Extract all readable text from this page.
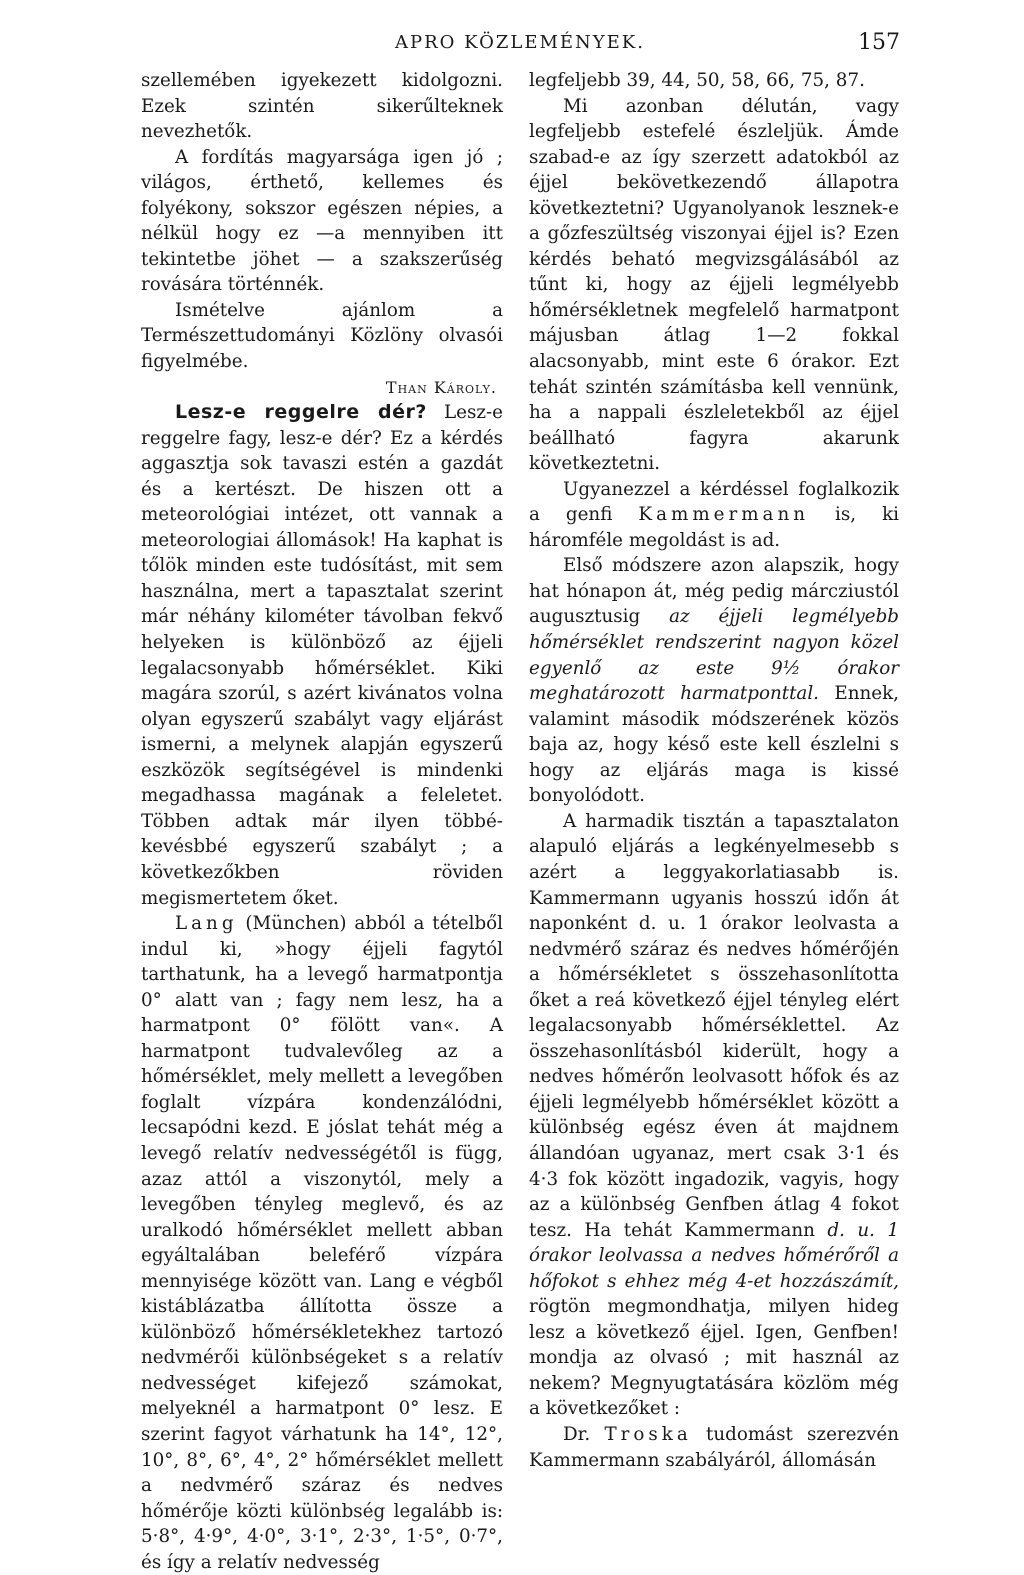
APRO KÖZLEMÉNYEK.	157

szellemében igyekezett kidolgozni. Ezek szintén sikerűlteknek nevezhetők.

A fordítás magyarsága igen jó ; világos, érthető, kellemes és folyékony, sokszor egészen népies, a nélkül hogy ez —a mennyiben itt tekintetbe jöhet — a szakszerűség rovására történnék.

Ismételve ajánlom a Természettudományi Közlöny olvasói figyelmébe.

Than Károly.

Lesz-e reggelre dér? Lesz-e reggelre fagy, lesz-e dér? Ez a kérdés aggasztja sok tavaszi estén a gazdát és a kertészt. De hiszen ott a meteorológiai intézet, ott vannak a meteorologiai állomások! Ha kaphat is tőlök minden este tudósítást, mit sem használna, mert a tapasztalat szerint már néhány kilométer távolban fekvő helyeken is különböző az éjjeli legalacsonyabb hőmérséklet. Kiki magára szorúl, s azért kivánatos volna olyan egyszerű szabályt vagy eljárást ismerni, a melynek alapján egyszerű eszközök segítségével is mindenki megadhassa magának a feleletet. Többen adtak már ilyen többé-kevésbbé egyszerű szabályt ; a következőkben röviden megismertetem őket.

Lang (München) abból a tételből indul ki, »hogy éjjeli fagytól tarthatunk, ha a levegő harmatpontja 0° alatt van ; fagy nem lesz, ha a harmatpont 0° fölött van«. A harmatpont tudvalevőleg az a hőmérséklet, mely mellett a levegőben foglalt vízpára kondenzálódni, lecsapódni kezd. E jóslat tehát még a levegő relatív nedvességétől is függ, azaz attól a viszonytól, mely a levegőben tényleg meglevő, és az uralkodó hőmérséklet mellett abban egyáltalában beleférő vízpára mennyisége között van. Lang e végből kistáblázatba állította össze a különböző hőmérsékletekhez tartozó nedvmérői különbségeket s a relatív nedvességet kifejező számokat, melyeknél a harmatpont 0° lesz. E szerint fagyot várhatunk ha 14°, 12°, 10°, 8°, 6°, 4°, 2° hőmérséklet mellett a nedvmérő száraz és nedves hőmérője közti különbség legalább is: 5·8°, 4·9°, 4·0°, 3·1°, 2·3°, 1·5°, 0·7°, és így a relatív nedvesség

legfeljebb 39, 44, 50, 58, 66, 75, 87.

Mi azonban délután, vagy legfeljebb estefelé észleljük. Ámde szabad-e az így szerzett adatokból az éjjel bekövetkezendő állapotra következtetni? Ugyanolyanok lesznek-e a gőzfeszültség viszonyai éjjel is? Ezen kérdés beható megvizsgálásából az tűnt ki, hogy az éjjeli legmélyebb hőmérsékletnek megfelelő harmatpont májusban átlag 1—2 fokkal alacsonyabb, mint este 6 órakor. Ezt tehát szintén számításba kell vennünk, ha a nappali észleletekből az éjjel beállható fagyra akarunk következtetni.

Ugyanezzel a kérdéssel foglalkozik a genfi Kammermann is, ki háromféle megoldást is ad.

Első módszere azon alapszik, hogy hat hónapon át, még pedig márcziustól augusztusig az éjjeli legmélyebb hőmérséklet rendszerint nagyon közel egyenlő az este 9½ órakor meghatározott harmatponttal. Ennek, valamint második módszerének közös baja az, hogy késő este kell észlelni s hogy az eljárás maga is kissé bonyolódott.

A harmadik tisztán a tapasztalaton alapuló eljárás a legkényelmesebb s azért a leggyakorlatiasabb is. Kammermann ugyanis hosszú időn át naponként d. u. 1 órakor leolvasta a nedvmérő száraz és nedves hőmérőjén a hőmérsékletet s összehasonlította őket a reá következő éjjel tényleg elért legalacsonyabb hőmérséklettel. Az összehasonlításból kiderült, hogy a nedves hőmérőn leolvasott hőfok és az éjjeli legmélyebb hőmérséklet között a különbség egész éven át majdnem állandóan ugyanaz, mert csak 3·1 és 4·3 fok között ingadozik, vagyis, hogy az a különbség Genfben átlag 4 fokot tesz. Ha tehát Kammermann d. u. 1 órakor leolvassa a nedves hőmérőről a hőfokot s ehhez még 4-et hozzászámít, rögtön megmondhatja, milyen hideg lesz a következő éjjel. Igen, Genfben! mondja az olvasó ; mit használ az nekem? Megnyugtatására közlöm még a következőket :

Dr. Troska tudomást szerezvén Kammermann szabályáról, állomásán
